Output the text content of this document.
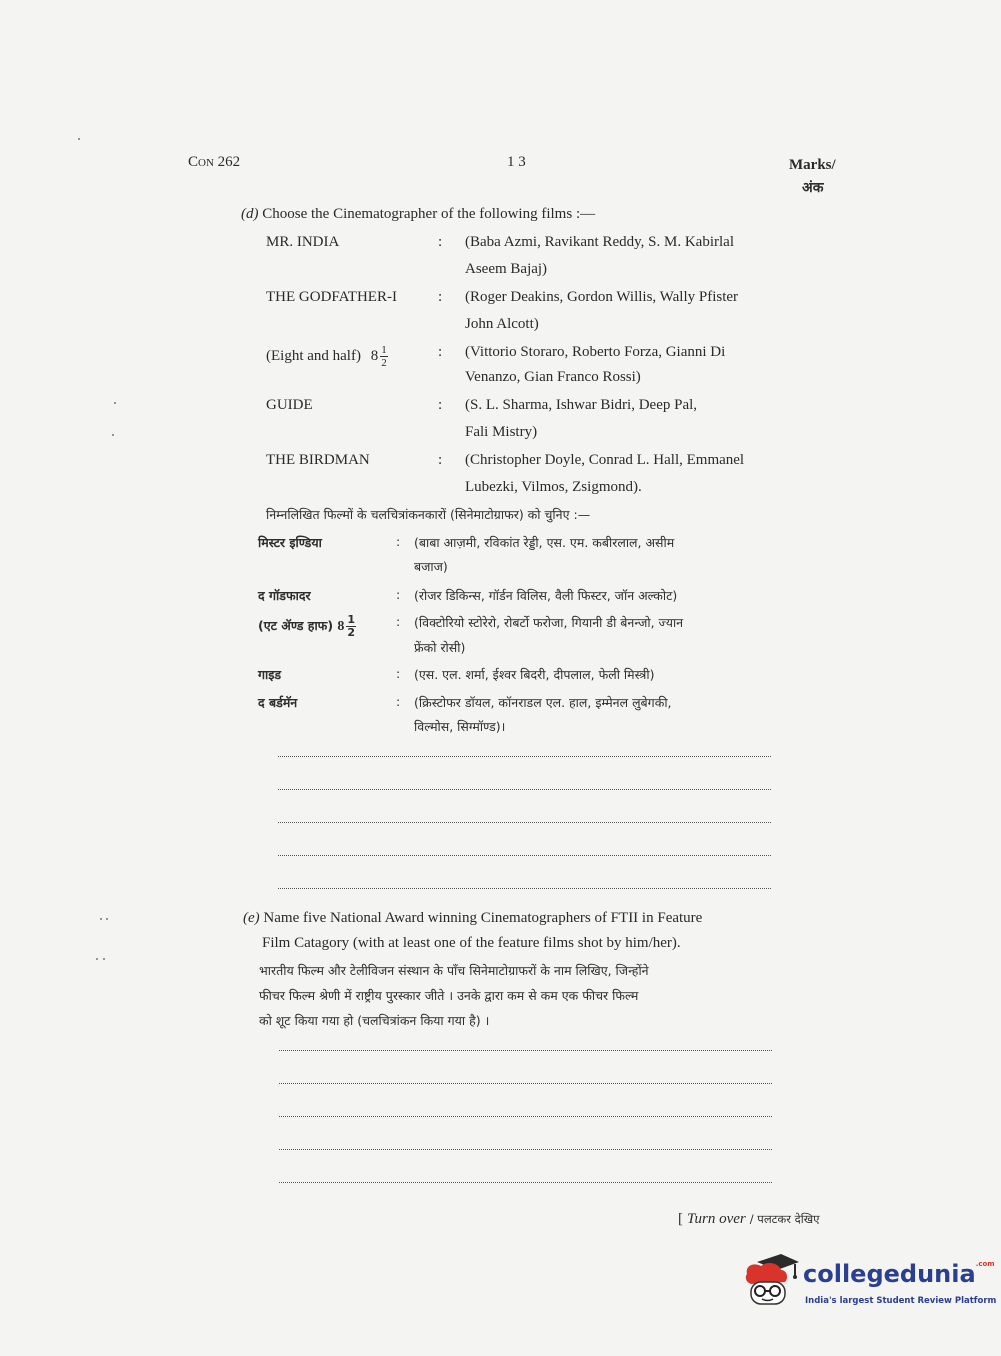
Con 262	1 3	Marks/
अंक
(d) Choose the Cinematographer of the following films :—
MR. INDIA	: (Baba Azmi, Ravikant Reddy, S. M. Kabirlal
Aseem Bajaj)
THE GODFATHER-I	: (Roger Deakins, Gordon Willis, Wally Pfister
John Alcott)
(Eight and half) $8 \frac{1}{2}$	: (Vittorio Storaro, Roberto Forza, Gianni Di
Venanzo, Gian Franco Rossi)
GUIDE	: (S. L. Sharma, Ishwar Bidri, Deep Pal,
Fali Mistry)
THE BIRDMAN	: (Christopher Doyle, Conrad L. Hall, Emmanel
Lubezki, Vilmos, Zsigmond).
निम्नलिखित फिल्मों के चलचित्रांकनकारों (सिनेमाटोग्राफर) को चुनिए :—
मिस्टर इण्डिया	: (बाबा आज़मी, रविकांत रेड्डी, एस. एम. कबीरलाल, असीम
बजाज)
द गॉडफादर	: (रोजर डिकिन्स, गॉर्डन विलिस, वैली फिस्टर, जॉन अल्कोट)
(एट ॲण्ड हाफ) $8 \frac{1}{2}$	: (विक्टोरियो स्टोरेरो, रोबर्टो फरोजा, गियानी डी बेनन्जो, ज्यान
फ्रेंको रोसी)
गाइड	: (एस. एल. शर्मा, ईश्वर बिदरी, दीपलाल, फेली मिस्त्री)
द बर्डमॅन	: (क्रिस्टोफर डॉयल, कॉनराडल एल. हाल, इम्मेनल लुबेगकी,
विल्मोस, सिग्मॉण्ड)।
(e) Name five National Award winning Cinematographers of FTII in Feature
Film Catagory (with at least one of the feature films shot by him/her).
भारतीय फिल्म और टेलीविजन संस्थान के पाँच सिनेमाटोग्राफरों के नाम लिखिए, जिन्होंने
फीचर फिल्म श्रेणी में राष्ट्रीय पुरस्कार जीते । उनके द्वारा कम से कम एक फीचर फिल्म
को शूट किया गया हो (चलचित्रांकन किया गया है) ।
[ Turn over / पलटकर देखिए
collegedunia$^{.com}$
India's largest Student Review Platform
